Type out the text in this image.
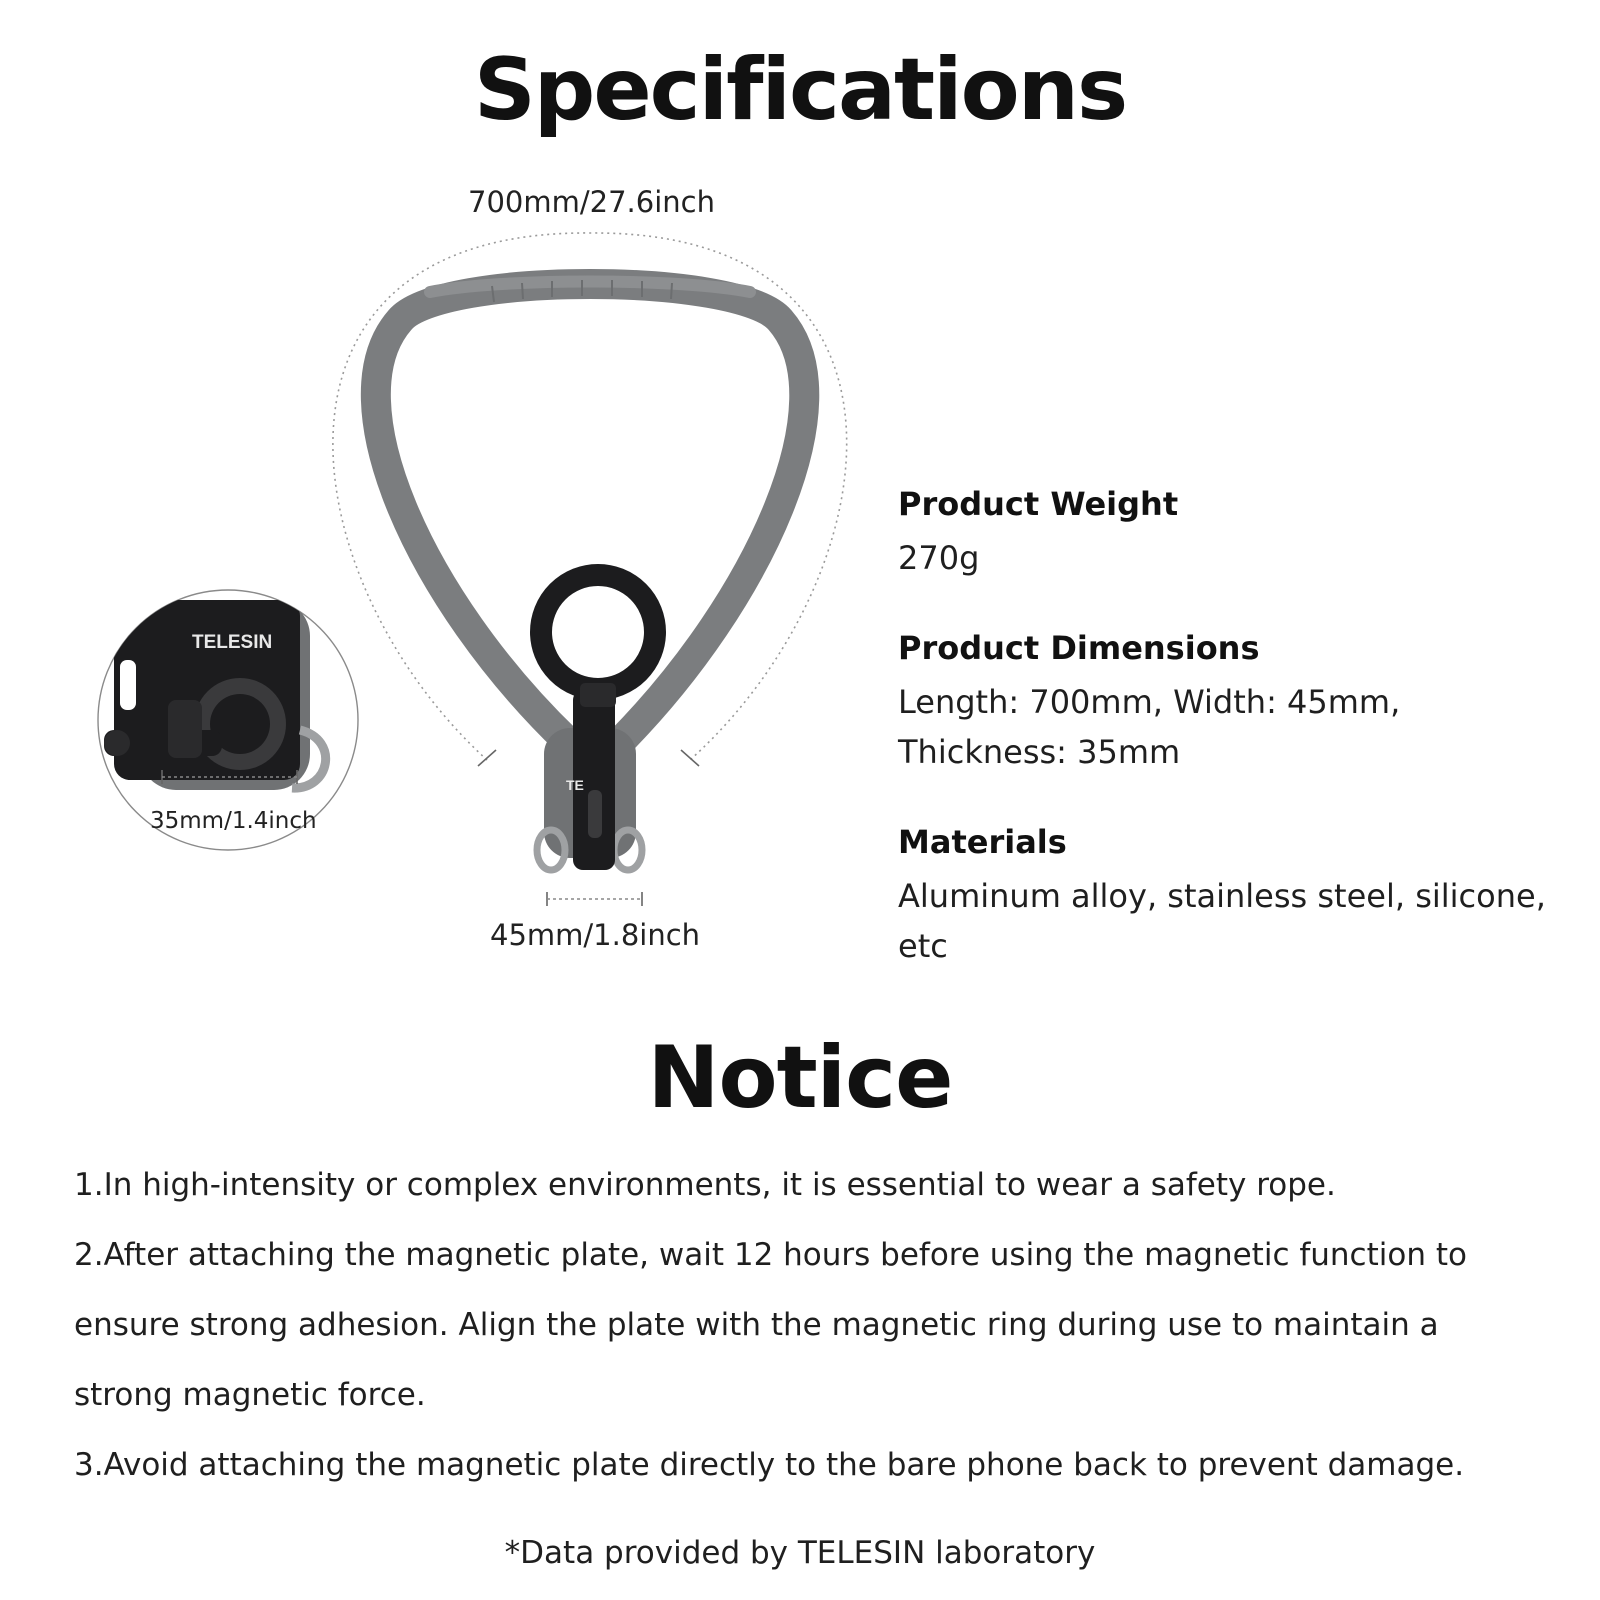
Specifications
TE
TELESIN
700mm/27.6inch
45mm/1.8inch
35mm/1.4inch
Product Weight
270g
Product Dimensions
Length: 700mm, Width: 45mm,
Thickness: 35mm
Materials
Aluminum alloy, stainless steel, silicone, etc
Notice

1.In high-intensity or complex environments, it is essential to wear a safety rope.

2.After attaching the magnetic plate, wait 12 hours before using the magnetic function to ensure strong adhesion. Align the plate with the magnetic ring during use to maintain a strong magnetic force.

3.Avoid attaching the magnetic plate directly to the bare phone back to prevent damage.

*Data provided by TELESIN laboratory
